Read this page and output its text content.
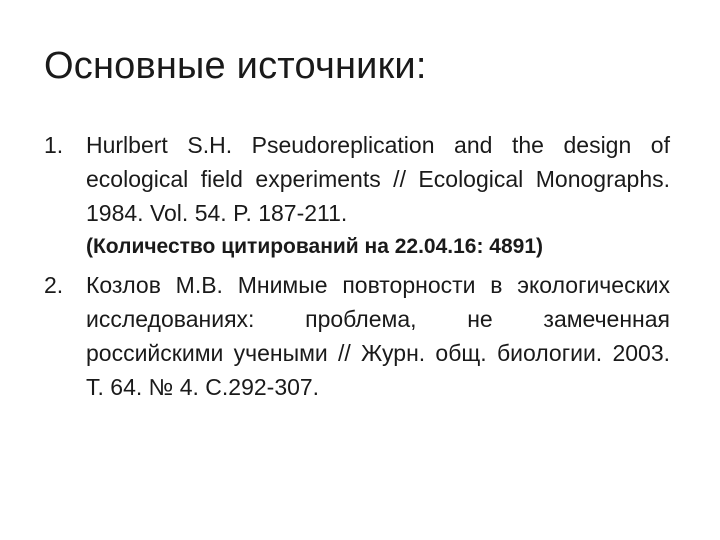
Основные источники:
1. Hurlbert S.H. Pseudoreplication and the design of ecological field experiments // Ecological Monographs. 1984. Vol. 54. P. 187-211.
(Количество цитирований на 22.04.16: 4891)
2. Козлов М.В. Мнимые повторности в экологических исследованиях: проблема, не замеченная российскими учеными // Журн. общ. биологии. 2003. Т. 64. № 4. С.292-307.
